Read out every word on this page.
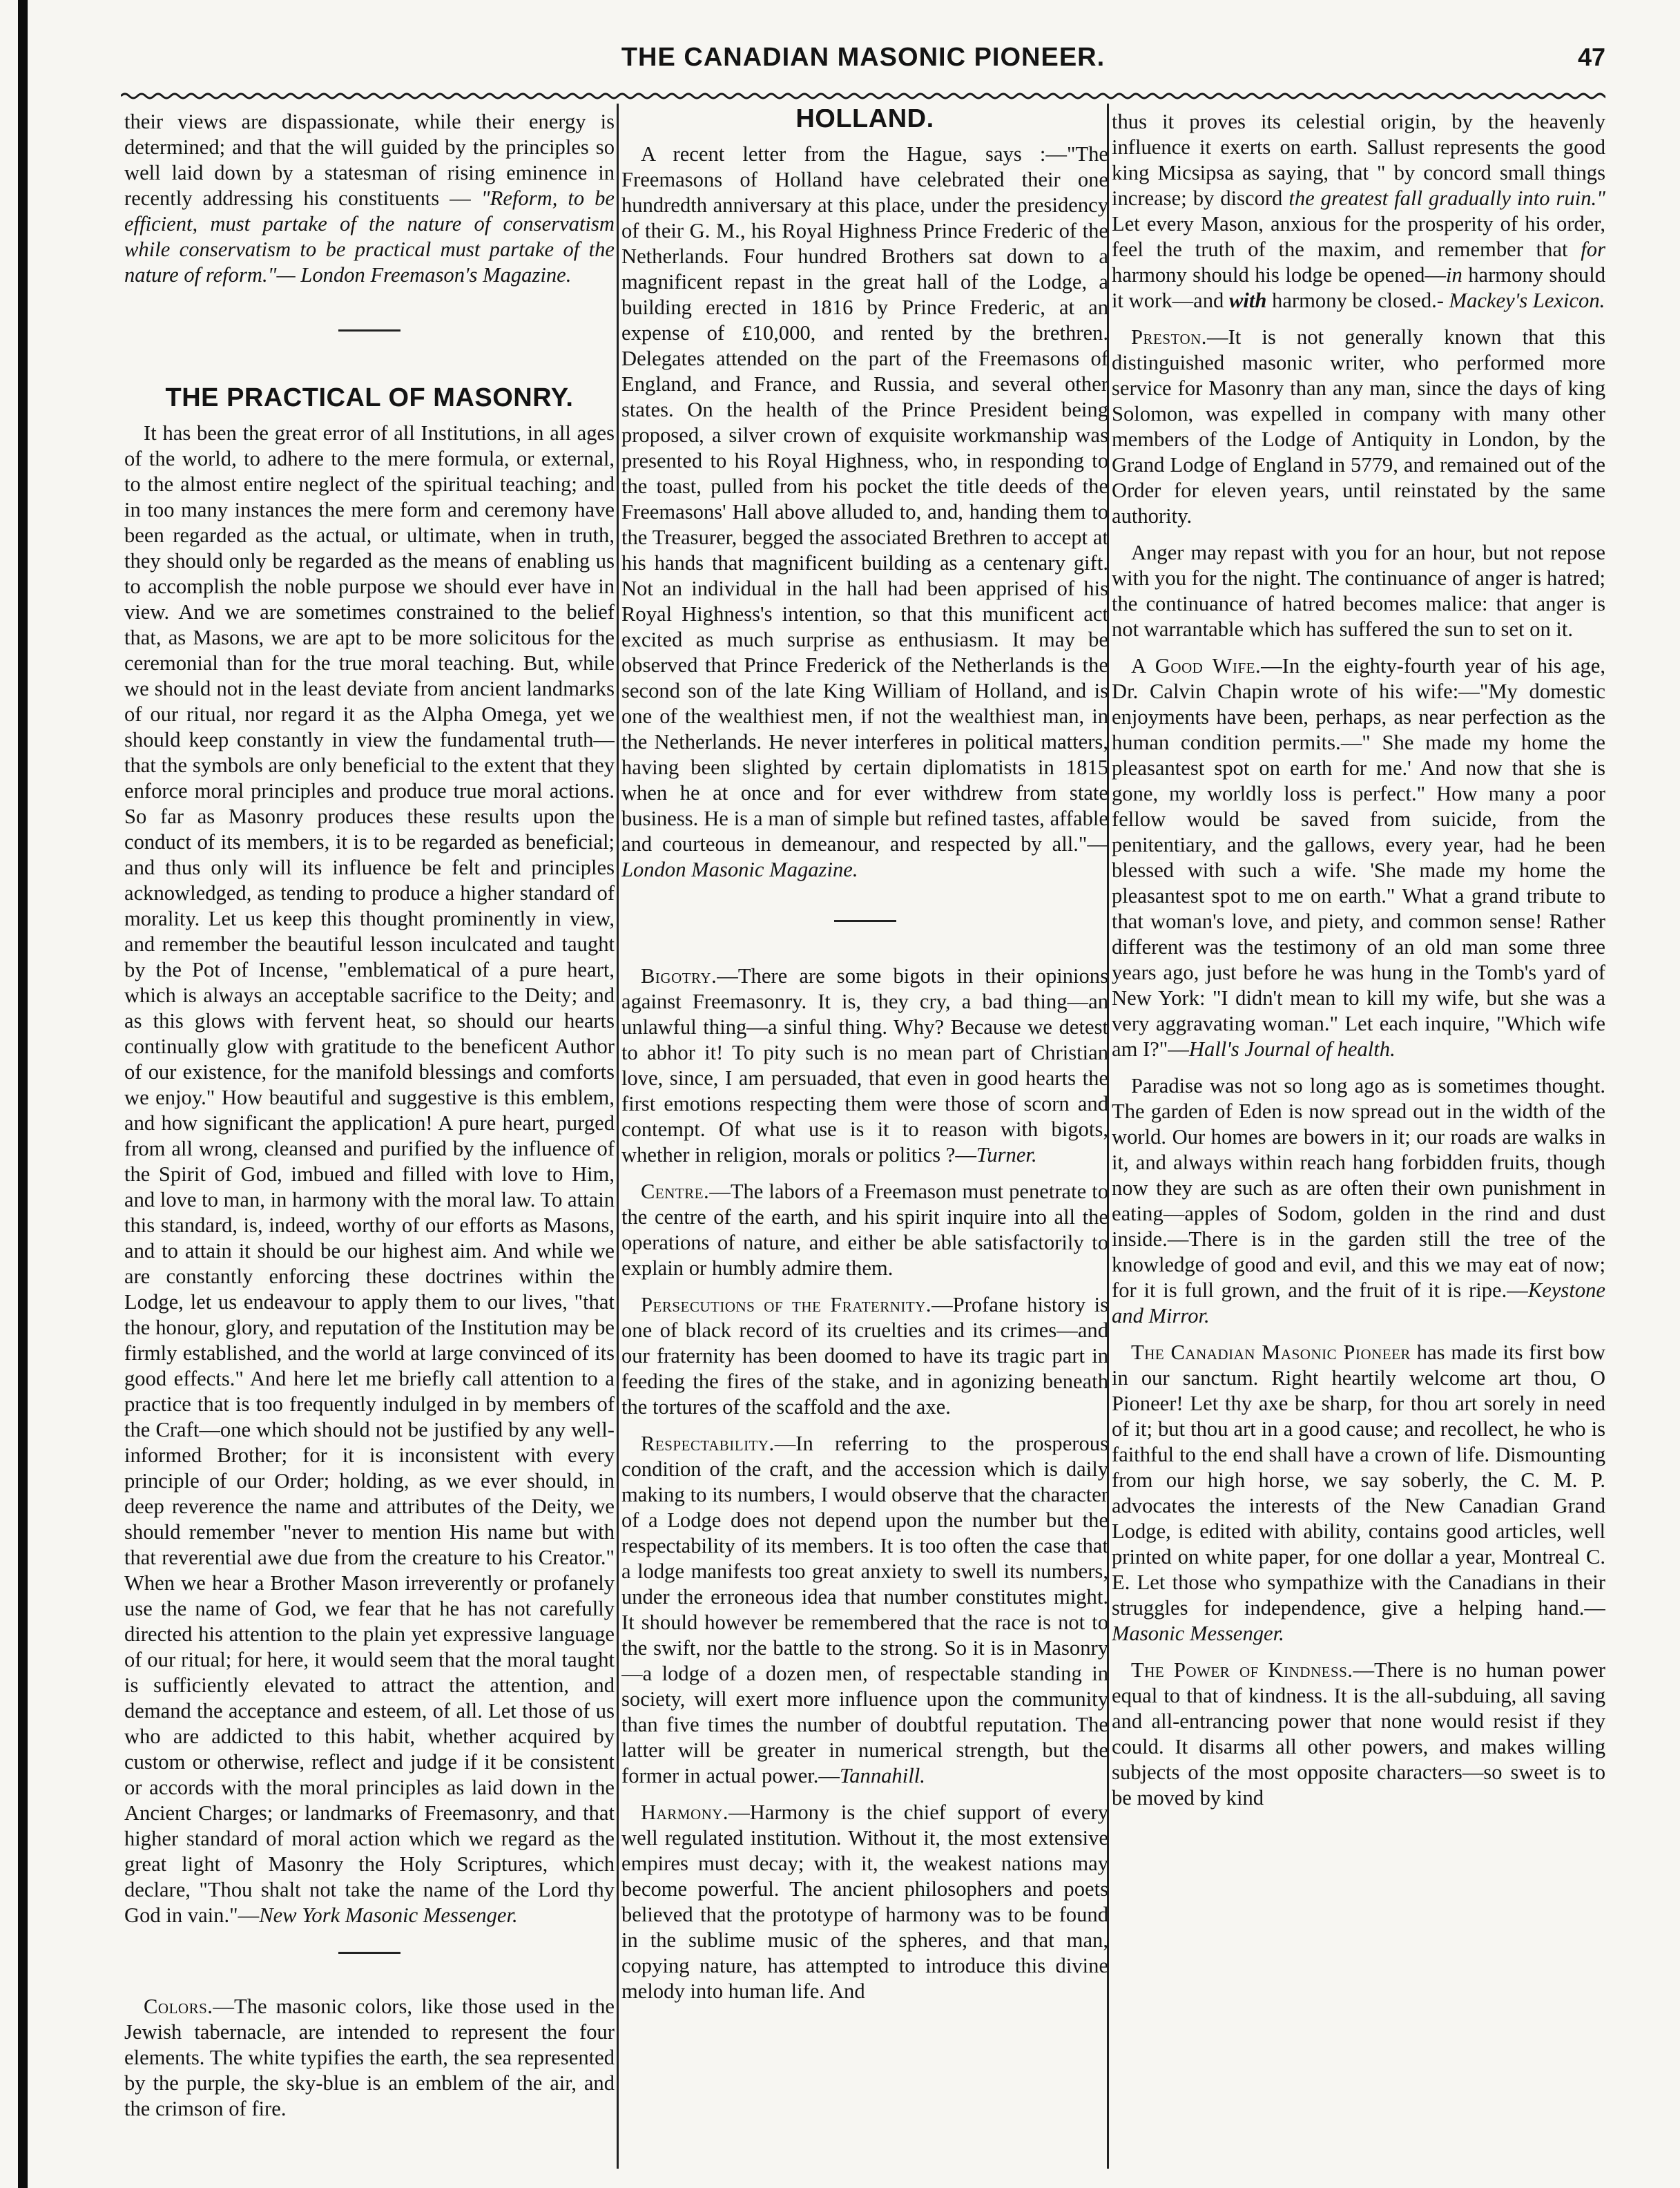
THE CANADIAN MASONIC PIONEER.	47

their views are dispassionate, while their energy is determined; and that the will guided by the principles so well laid down by a statesman of rising eminence in recently addressing his constituents — "Reform, to be efficient, must partake of the nature of conservatism while conservatism to be practical must partake of the nature of reform."— London Freemason's Magazine.

THE PRACTICAL OF MASONRY.

It has been the great error of all Institutions, in all ages of the world, to adhere to the mere formula, or external, to the almost entire neglect of the spiritual teaching; and in too many instances the mere form and ceremony have been regarded as the actual, or ultimate, when in truth, they should only be regarded as the means of enabling us to accomplish the noble purpose we should ever have in view. And we are sometimes constrained to the belief that, as Masons, we are apt to be more solicitous for the ceremonial than for the true moral teaching. But, while we should not in the least deviate from ancient landmarks of our ritual, nor regard it as the Alpha Omega, yet we should keep constantly in view the fundamental truth—that the symbols are only beneficial to the extent that they enforce moral principles and produce true moral actions. So far as Masonry produces these results upon the conduct of its members, it is to be regarded as beneficial; and thus only will its influence be felt and principles acknowledged, as tending to produce a higher standard of morality. Let us keep this thought prominently in view, and remember the beautiful lesson inculcated and taught by the Pot of Incense, "emblematical of a pure heart, which is always an acceptable sacrifice to the Deity; and as this glows with fervent heat, so should our hearts continually glow with gratitude to the beneficent Author of our existence, for the manifold blessings and comforts we enjoy." How beautiful and suggestive is this emblem, and how significant the application! A pure heart, purged from all wrong, cleansed and purified by the influence of the Spirit of God, imbued and filled with love to Him, and love to man, in harmony with the moral law. To attain this standard, is, indeed, worthy of our efforts as Masons, and to attain it should be our highest aim. And while we are constantly enforcing these doctrines within the Lodge, let us endeavour to apply them to our lives, "that the honour, glory, and reputation of the Institution may be firmly established, and the world at large convinced of its good effects." And here let me briefly call attention to a practice that is too frequently indulged in by members of the Craft—one which should not be justified by any well-informed Brother; for it is inconsistent with every principle of our Order; holding, as we ever should, in deep reverence the name and attributes of the Deity, we should remember "never to mention His name but with that reverential awe due from the creature to his Creator." When we hear a Brother Mason irreverently or profanely use the name of God, we fear that he has not carefully directed his attention to the plain yet expressive language of our ritual; for here, it would seem that the moral taught is sufficiently elevated to attract the attention, and demand the acceptance and esteem, of all. Let those of us who are addicted to this habit, whether acquired by custom or otherwise, reflect and judge if it be consistent or accords with the moral principles as laid down in the Ancient Charges; or landmarks of Freemasonry, and that higher standard of moral action which we regard as the great light of Masonry the Holy Scriptures, which declare, "Thou shalt not take the name of the Lord thy God in vain."—New York Masonic Messenger.

Colors.—The masonic colors, like those used in the Jewish tabernacle, are intended to represent the four elements. The white typifies the earth, the sea represented by the purple, the sky-blue is an emblem of the air, and the crimson of fire.

HOLLAND.

A recent letter from the Hague, says :—"The Freemasons of Holland have celebrated their one hundredth anniversary at this place, under the presidency of their G. M., his Royal Highness Prince Frederic of the Netherlands. Four hundred Brothers sat down to a magnificent repast in the great hall of the Lodge, a building erected in 1816 by Prince Frederic, at an expense of £10,000, and rented by the brethren. Delegates attended on the part of the Freemasons of England, and France, and Russia, and several other states. On the health of the Prince President being proposed, a silver crown of exquisite workmanship was presented to his Royal Highness, who, in responding to the toast, pulled from his pocket the title deeds of the Freemasons' Hall above alluded to, and, handing them to the Treasurer, begged the associated Brethren to accept at his hands that magnificent building as a centenary gift. Not an individual in the hall had been apprised of his Royal Highness's intention, so that this munificent act excited as much surprise as enthusiasm. It may be observed that Prince Frederick of the Netherlands is the second son of the late King William of Holland, and is one of the wealthiest men, if not the wealthiest man, in the Netherlands. He never interferes in political matters, having been slighted by certain diplomatists in 1815 when he at once and for ever withdrew from state business. He is a man of simple but refined tastes, affable and courteous in demeanour, and respected by all."—London Masonic Magazine.

Bigotry.—There are some bigots in their opinions against Freemasonry. It is, they cry, a bad thing—an unlawful thing—a sinful thing. Why? Because we detest to abhor it! To pity such is no mean part of Christian love, since, I am persuaded, that even in good hearts the first emotions respecting them were those of scorn and contempt. Of what use is it to reason with bigots, whether in religion, morals or politics ?—Turner.

Centre.—The labors of a Freemason must penetrate to the centre of the earth, and his spirit inquire into all the operations of nature, and either be able satisfactorily to explain or humbly admire them.

Persecutions of the Fraternity.—Profane history is one of black record of its cruelties and its crimes—and our fraternity has been doomed to have its tragic part in feeding the fires of the stake, and in agonizing beneath the tortures of the scaffold and the axe.

Respectability.—In referring to the prosperous condition of the craft, and the accession which is daily making to its numbers, I would observe that the character of a Lodge does not depend upon the number but the respectability of its members. It is too often the case that a lodge manifests too great anxiety to swell its numbers, under the erroneous idea that number constitutes might. It should however be remembered that the race is not to the swift, nor the battle to the strong. So it is in Masonry—a lodge of a dozen men, of respectable standing in society, will exert more influence upon the community than five times the number of doubtful reputation. The latter will be greater in numerical strength, but the former in actual power.—Tannahill.

Harmony.—Harmony is the chief support of every well regulated institution. Without it, the most extensive empires must decay; with it, the weakest nations may become powerful. The ancient philosophers and poets believed that the prototype of harmony was to be found in the sublime music of the spheres, and that man, copying nature, has attempted to introduce this divine melody into human life. And

thus it proves its celestial origin, by the heavenly influence it exerts on earth. Sallust represents the good king Micsipsa as saying, that " by concord small things increase; by discord the greatest fall gradually into ruin." Let every Mason, anxious for the prosperity of his order, feel the truth of the maxim, and remember that for harmony should his lodge be opened—in harmony should it work—and with harmony be closed.- Mackey's Lexicon.

Preston.—It is not generally known that this distinguished masonic writer, who performed more service for Masonry than any man, since the days of king Solomon, was expelled in company with many other members of the Lodge of Antiquity in London, by the Grand Lodge of England in 5779, and remained out of the Order for eleven years, until reinstated by the same authority.

Anger may repast with you for an hour, but not repose with you for the night. The continuance of anger is hatred; the continuance of hatred becomes malice: that anger is not warrantable which has suffered the sun to set on it.

A Good Wife.—In the eighty-fourth year of his age, Dr. Calvin Chapin wrote of his wife:—"My domestic enjoyments have been, perhaps, as near perfection as the human condition permits.—" She made my home the pleasantest spot on earth for me.' And now that she is gone, my worldly loss is perfect." How many a poor fellow would be saved from suicide, from the penitentiary, and the gallows, every year, had he been blessed with such a wife. 'She made my home the pleasantest spot to me on earth." What a grand tribute to that woman's love, and piety, and common sense! Rather different was the testimony of an old man some three years ago, just before he was hung in the Tomb's yard of New York: "I didn't mean to kill my wife, but she was a very aggravating woman." Let each inquire, "Which wife am I?"—Hall's Journal of health.

Paradise was not so long ago as is sometimes thought. The garden of Eden is now spread out in the width of the world. Our homes are bowers in it; our roads are walks in it, and always within reach hang forbidden fruits, though now they are such as are often their own punishment in eating—apples of Sodom, golden in the rind and dust inside.—There is in the garden still the tree of the knowledge of good and evil, and this we may eat of now; for it is full grown, and the fruit of it is ripe.—Keystone and Mirror.

The Canadian Masonic Pioneer has made its first bow in our sanctum. Right heartily welcome art thou, O Pioneer! Let thy axe be sharp, for thou art sorely in need of it; but thou art in a good cause; and recollect, he who is faithful to the end shall have a crown of life. Dismounting from our high horse, we say soberly, the C. M. P. advocates the interests of the New Canadian Grand Lodge, is edited with ability, contains good articles, well printed on white paper, for one dollar a year, Montreal C. E. Let those who sympathize with the Canadians in their struggles for independence, give a helping hand.—Masonic Messenger.

The Power of Kindness.—There is no human power equal to that of kindness. It is the all-subduing, all saving and all-entrancing power that none would resist if they could. It disarms all other powers, and makes willing subjects of the most opposite characters—so sweet is to be moved by kind
